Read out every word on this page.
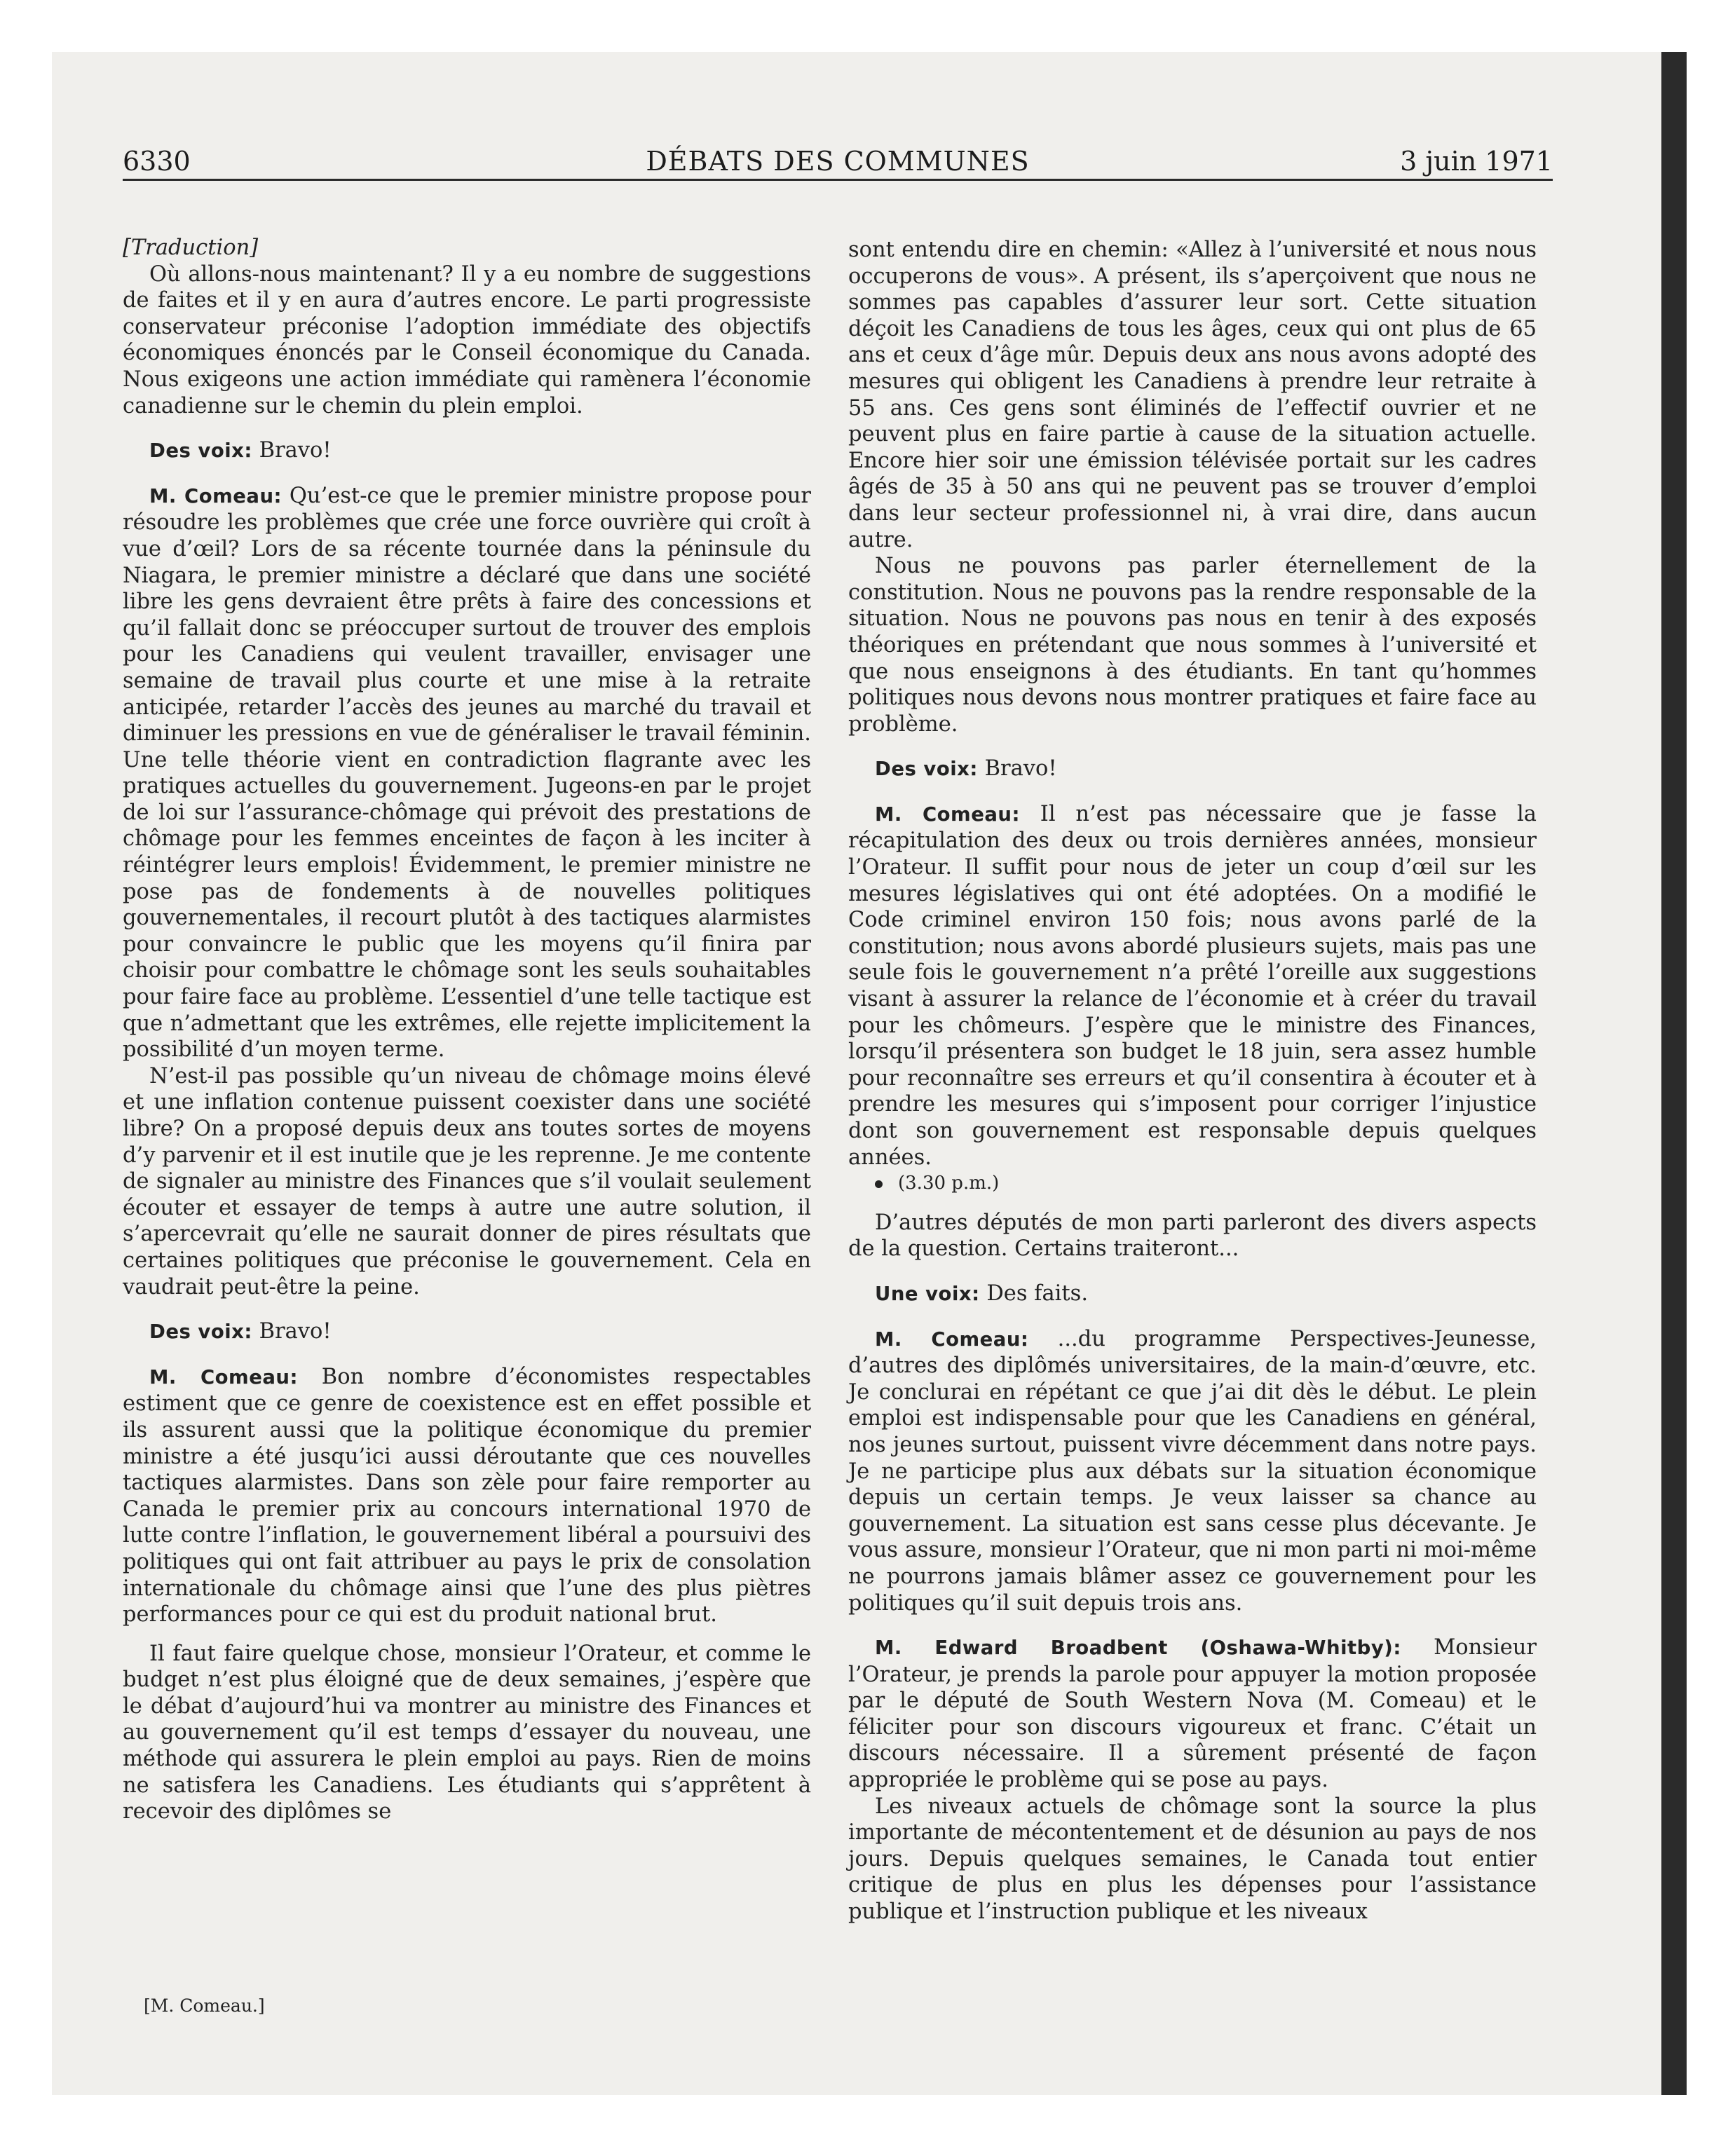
6330	DÉBATS DES COMMUNES	3 juin 1971

[Traduction]

Où allons-nous maintenant? Il y a eu nombre de suggestions de faites et il y en aura d’autres encore. Le parti progressiste conservateur préconise l’adoption immédiate des objectifs économiques énoncés par le Conseil économique du Canada. Nous exigeons une action immédiate qui ramènera l’économie canadienne sur le chemin du plein emploi.

Des voix: Bravo!

M. Comeau: Qu’est-ce que le premier ministre propose pour résoudre les problèmes que crée une force ouvrière qui croît à vue d’œil? Lors de sa récente tournée dans la péninsule du Niagara, le premier ministre a déclaré que dans une société libre les gens devraient être prêts à faire des concessions et qu’il fallait donc se préoccuper surtout de trouver des emplois pour les Canadiens qui veulent travailler, envisager une semaine de travail plus courte et une mise à la retraite anticipée, retarder l’accès des jeunes au marché du travail et diminuer les pressions en vue de généraliser le travail féminin. Une telle théorie vient en contradiction flagrante avec les pratiques actuelles du gouvernement. Jugeons-en par le projet de loi sur l’assurance-chômage qui prévoit des prestations de chômage pour les femmes enceintes de façon à les inciter à réintégrer leurs emplois! Évidemment, le premier ministre ne pose pas de fondements à de nouvelles politiques gouvernementales, il recourt plutôt à des tactiques alarmistes pour convaincre le public que les moyens qu’il finira par choisir pour combattre le chômage sont les seuls souhaitables pour faire face au problème. L’essentiel d’une telle tactique est que n’admettant que les extrêmes, elle rejette implicitement la possibilité d’un moyen terme.

N’est-il pas possible qu’un niveau de chômage moins élevé et une inflation contenue puissent coexister dans une société libre? On a proposé depuis deux ans toutes sortes de moyens d’y parvenir et il est inutile que je les reprenne. Je me contente de signaler au ministre des Finances que s’il voulait seulement écouter et essayer de temps à autre une autre solution, il s’apercevrait qu’elle ne saurait donner de pires résultats que certaines politiques que préconise le gouvernement. Cela en vaudrait peut-être la peine.

Des voix: Bravo!

M. Comeau: Bon nombre d’économistes respectables estiment que ce genre de coexistence est en effet possible et ils assurent aussi que la politique économique du premier ministre a été jusqu’ici aussi déroutante que ces nouvelles tactiques alarmistes. Dans son zèle pour faire remporter au Canada le premier prix au concours international 1970 de lutte contre l’inflation, le gouvernement libéral a poursuivi des politiques qui ont fait attribuer au pays le prix de consolation internationale du chômage ainsi que l’une des plus piètres performances pour ce qui est du produit national brut.

Il faut faire quelque chose, monsieur l’Orateur, et comme le budget n’est plus éloigné que de deux semaines, j’espère que le débat d’aujourd’hui va montrer au ministre des Finances et au gouvernement qu’il est temps d’essayer du nouveau, une méthode qui assurera le plein emploi au pays. Rien de moins ne satisfera les Canadiens. Les étudiants qui s’apprêtent à recevoir des diplômes se

[M. Comeau.]

sont entendu dire en chemin: «Allez à l’université et nous nous occuperons de vous». A présent, ils s’aperçoivent que nous ne sommes pas capables d’assurer leur sort. Cette situation déçoit les Canadiens de tous les âges, ceux qui ont plus de 65 ans et ceux d’âge mûr. Depuis deux ans nous avons adopté des mesures qui obligent les Canadiens à prendre leur retraite à 55 ans. Ces gens sont éliminés de l’effectif ouvrier et ne peuvent plus en faire partie à cause de la situation actuelle. Encore hier soir une émission télévisée portait sur les cadres âgés de 35 à 50 ans qui ne peuvent pas se trouver d’emploi dans leur secteur professionnel ni, à vrai dire, dans aucun autre.

Nous ne pouvons pas parler éternellement de la constitution. Nous ne pouvons pas la rendre responsable de la situation. Nous ne pouvons pas nous en tenir à des exposés théoriques en prétendant que nous sommes à l’université et que nous enseignons à des étudiants. En tant qu’hommes politiques nous devons nous montrer pratiques et faire face au problème.

Des voix: Bravo!

M. Comeau: Il n’est pas nécessaire que je fasse la récapitulation des deux ou trois dernières années, monsieur l’Orateur. Il suffit pour nous de jeter un coup d’œil sur les mesures législatives qui ont été adoptées. On a modifié le Code criminel environ 150 fois; nous avons parlé de la constitution; nous avons abordé plusieurs sujets, mais pas une seule fois le gouvernement n’a prêté l’oreille aux suggestions visant à assurer la relance de l’économie et à créer du travail pour les chômeurs. J’espère que le ministre des Finances, lorsqu’il présentera son budget le 18 juin, sera assez humble pour reconnaître ses erreurs et qu’il consentira à écouter et à prendre les mesures qui s’imposent pour corriger l’injustice dont son gouvernement est responsable depuis quelques années.

(3.30 p.m.)

D’autres députés de mon parti parleront des divers aspects de la question. Certains traiteront...

Une voix: Des faits.

M. Comeau: ...du programme Perspectives-Jeunesse, d’autres des diplômés universitaires, de la main-d’œuvre, etc. Je conclurai en répétant ce que j’ai dit dès le début. Le plein emploi est indispensable pour que les Canadiens en général, nos jeunes surtout, puissent vivre décemment dans notre pays. Je ne participe plus aux débats sur la situation économique depuis un certain temps. Je veux laisser sa chance au gouvernement. La situation est sans cesse plus décevante. Je vous assure, monsieur l’Orateur, que ni mon parti ni moi-même ne pourrons jamais blâmer assez ce gouvernement pour les politiques qu’il suit depuis trois ans.

M. Edward Broadbent (Oshawa-Whitby): Monsieur l’Orateur, je prends la parole pour appuyer la motion proposée par le député de South Western Nova (M. Comeau) et le féliciter pour son discours vigoureux et franc. C’était un discours nécessaire. Il a sûrement présenté de façon appropriée le problème qui se pose au pays.

Les niveaux actuels de chômage sont la source la plus importante de mécontentement et de désunion au pays de nos jours. Depuis quelques semaines, le Canada tout entier critique de plus en plus les dépenses pour l’assistance publique et l’instruction publique et les niveaux
